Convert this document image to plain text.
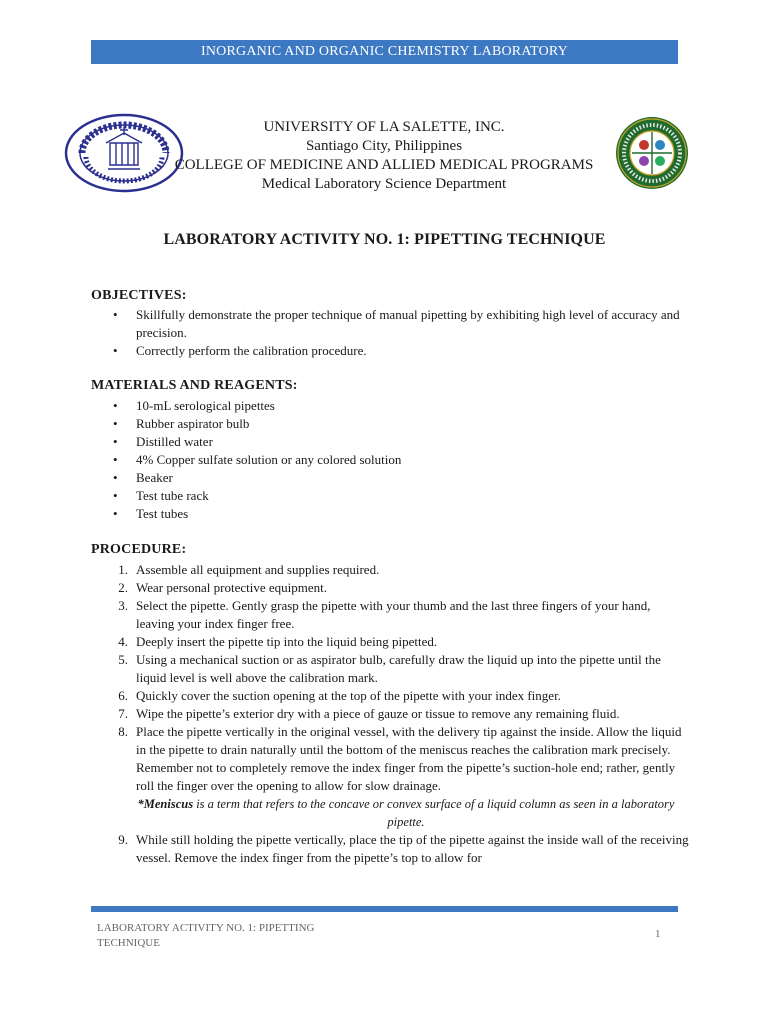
INORGANIC AND ORGANIC CHEMISTRY LABORATORY
UNIVERSITY OF LA SALETTE, INC.
Santiago City, Philippines
COLLEGE OF MEDICINE AND ALLIED MEDICAL PROGRAMS
Medical Laboratory Science Department
LABORATORY ACTIVITY NO. 1: PIPETTING TECHNIQUE
OBJECTIVES:
• Skillfully demonstrate the proper technique of manual pipetting by exhibiting high level of accuracy and precision.
• Correctly perform the calibration procedure.
MATERIALS AND REAGENTS:
• 10-mL serological pipettes
• Rubber aspirator bulb
• Distilled water
• 4% Copper sulfate solution or any colored solution
• Beaker
• Test tube rack
• Test tubes
PROCEDURE:
1. Assemble all equipment and supplies required.
2. Wear personal protective equipment.
3. Select the pipette. Gently grasp the pipette with your thumb and the last three fingers of your hand, leaving your index finger free.
4. Deeply insert the pipette tip into the liquid being pipetted.
5. Using a mechanical suction or as aspirator bulb, carefully draw the liquid up into the pipette until the liquid level is well above the calibration mark.
6. Quickly cover the suction opening at the top of the pipette with your index finger.
7. Wipe the pipette’s exterior dry with a piece of gauze or tissue to remove any remaining fluid.
8. Place the pipette vertically in the original vessel, with the delivery tip against the inside. Allow the liquid in the pipette to drain naturally until the bottom of the meniscus reaches the calibration mark precisely. Remember not to completely remove the index finger from the pipette’s suction-hole end; rather, gently roll the finger over the opening to allow for slow drainage.
*Meniscus is a term that refers to the concave or convex surface of a liquid column as seen in a laboratory pipette.
9. While still holding the pipette vertically, place the tip of the pipette against the inside wall of the receiving vessel. Remove the index finger from the pipette’s top to allow for
LABORATORY ACTIVITY NO. 1: PIPETTING TECHNIQUE
1
